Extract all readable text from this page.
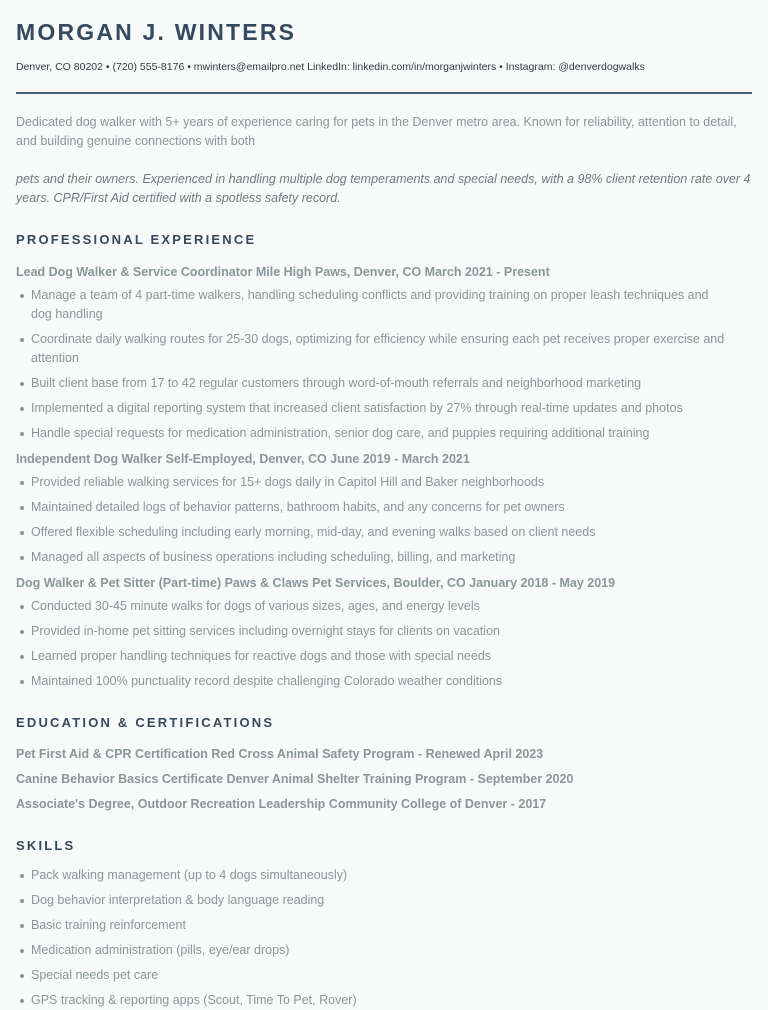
MORGAN J. WINTERS
Denver, CO 80202 • (720) 555-8176 • mwinters@emailpro.net LinkedIn: linkedin.com/in/morganjwinters • Instagram: @denverdogwalks
Dedicated dog walker with 5+ years of experience caring for pets in the Denver metro area. Known for reliability, attention to detail, and building genuine connections with both
pets and their owners. Experienced in handling multiple dog temperaments and special needs, with a 98% client retention rate over 4 years. CPR/First Aid certified with a spotless safety record.
PROFESSIONAL EXPERIENCE
Lead Dog Walker & Service Coordinator Mile High Paws, Denver, CO March 2021 - Present
Manage a team of 4 part-time walkers, handling scheduling conflicts and providing training on proper leash techniques and dog handling
Coordinate daily walking routes for 25-30 dogs, optimizing for efficiency while ensuring each pet receives proper exercise and attention
Built client base from 17 to 42 regular customers through word-of-mouth referrals and neighborhood marketing
Implemented a digital reporting system that increased client satisfaction by 27% through real-time updates and photos
Handle special requests for medication administration, senior dog care, and puppies requiring additional training
Independent Dog Walker Self-Employed, Denver, CO June 2019 - March 2021
Provided reliable walking services for 15+ dogs daily in Capitol Hill and Baker neighborhoods
Maintained detailed logs of behavior patterns, bathroom habits, and any concerns for pet owners
Offered flexible scheduling including early morning, mid-day, and evening walks based on client needs
Managed all aspects of business operations including scheduling, billing, and marketing
Dog Walker & Pet Sitter (Part-time) Paws & Claws Pet Services, Boulder, CO January 2018 - May 2019
Conducted 30-45 minute walks for dogs of various sizes, ages, and energy levels
Provided in-home pet sitting services including overnight stays for clients on vacation
Learned proper handling techniques for reactive dogs and those with special needs
Maintained 100% punctuality record despite challenging Colorado weather conditions
EDUCATION & CERTIFICATIONS
Pet First Aid & CPR Certification Red Cross Animal Safety Program - Renewed April 2023
Canine Behavior Basics Certificate Denver Animal Shelter Training Program - September 2020
Associate's Degree, Outdoor Recreation Leadership Community College of Denver - 2017
SKILLS
Pack walking management (up to 4 dogs simultaneously)
Dog behavior interpretation & body language reading
Basic training reinforcement
Medication administration (pills, eye/ear drops)
Special needs pet care
GPS tracking & reporting apps (Scout, Time To Pet, Rover)
